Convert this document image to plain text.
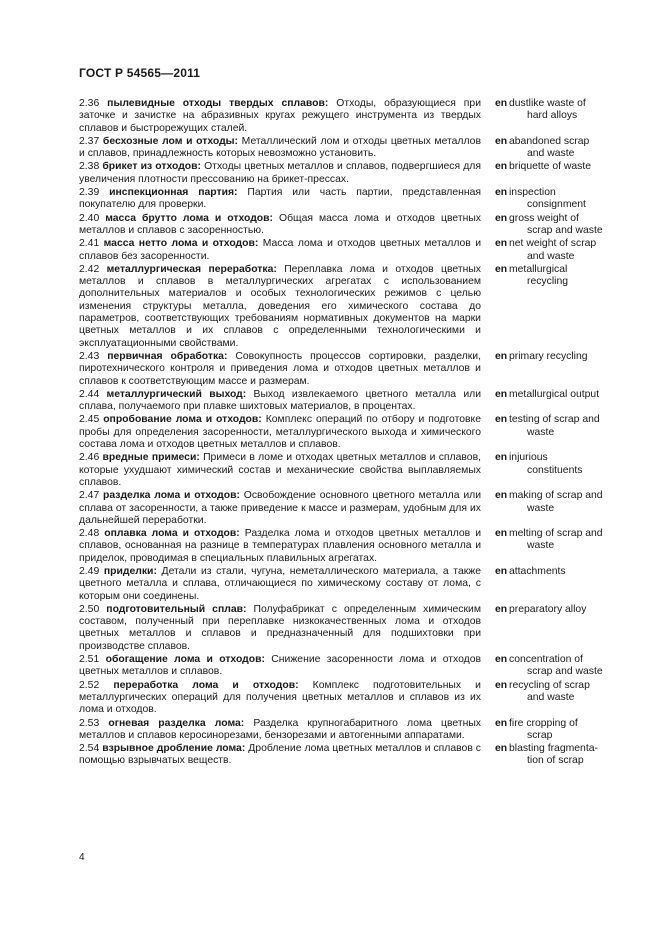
ГОСТ Р 54565—2011
2.36 пылевидные отходы твердых сплавов: Отходы, образующиеся при заточке и зачистке на абразивных кругах режущего инструмента из твердых сплавов и быстрорежущих сталей.
en dustlike waste of
hard alloys
2.37 бесхозные лом и отходы: Металлический лом и отходы цветных металлов и сплавов, принадлежность которых невозможно установить.
en abandoned scrap
and waste
2.38 брикет из отходов: Отходы цветных металлов и сплавов, подвергшиеся для увеличения плотности прессованию на брикет-прессах.
en briquette of waste
2.39 инспекционная партия: Партия или часть партии, представленная покупателю для проверки.
en inspection
consignment
2.40 масса брутто лома и отходов: Общая масса лома и отходов цветных металлов и сплавов с засоренностью.
en gross weight of
scrap and waste
2.41 масса нетто лома и отходов: Масса лома и отходов цветных металлов и сплавов без засоренности.
en net weight of scrap
and waste
2.42 металлургическая переработка: Переплавка лома и отходов цветных металлов и сплавов в металлургических агрегатах с использованием дополнительных материалов и особых технологических режимов с целью изменения структуры металла, доведения его химического состава до параметров, соответствующих требованиям нормативных документов на марки цветных металлов и их сплавов с определенными технологическими и эксплуатационными свойствами.
en metallurgical
recycling
2.43 первичная обработка: Совокупность процессов сортировки, разделки, пиротехнического контроля и приведения лома и отходов цветных металлов и сплавов к соответствующим массе и размерам.
en primary recycling
2.44 металлургический выход: Выход извлекаемого цветного металла или сплава, получаемого при плавке шихтовых материалов, в процентах.
en metallurgical output
2.45 опробование лома и отходов: Комплекс операций по отбору и подготовке пробы для определения засоренности, металлургического выхода и химического состава лома и отходов цветных металлов и сплавов.
en testing of scrap and
waste
2.46 вредные примеси: Примеси в ломе и отходах цветных металлов и сплавов, которые ухудшают химический состав и механические свойства выплавляемых сплавов.
en injurious
constituents
2.47 разделка лома и отходов: Освобождение основного цветного металла или сплава от засоренности, а также приведение к массе и размерам, удобным для их дальнейшей переработки.
en making of scrap and
waste
2.48 оплавка лома и отходов: Разделка лома и отходов цветных металлов и сплавов, основанная на разнице в температурах плавления основного металла и приделок, проводимая в специальных плавильных агрегатах.
en melting of scrap and
waste
2.49 приделки: Детали из стали, чугуна, неметаллического материала, а также цветного металла и сплава, отличающиеся по химическому составу от лома, с которым они соединены.
en attachments
2.50 подготовительный сплав: Полуфабрикат с определенным химическим составом, полученный при переплавке низкокачественных лома и отходов цветных металлов и сплавов и предназначенный для подшихтовки при производстве сплавов.
en preparatory alloy
2.51 обогащение лома и отходов: Снижение засоренности лома и отходов цветных металлов и сплавов.
en concentration of
scrap and waste
2.52 переработка лома и отходов: Комплекс подготовительных и металлургических операций для получения цветных металлов и сплавов из их лома и отходов.
en recycling of scrap
and waste
2.53 огневая разделка лома: Разделка крупногабаритного лома цветных металлов и сплавов керосинорезами, бензорезами и автогенными аппаратами.
en fire cropping of
scrap
2.54 взрывное дробление лома: Дробление лома цветных металлов и сплавов с помощью взрывчатых веществ.
en blasting fragmenta-
tion of scrap
4
